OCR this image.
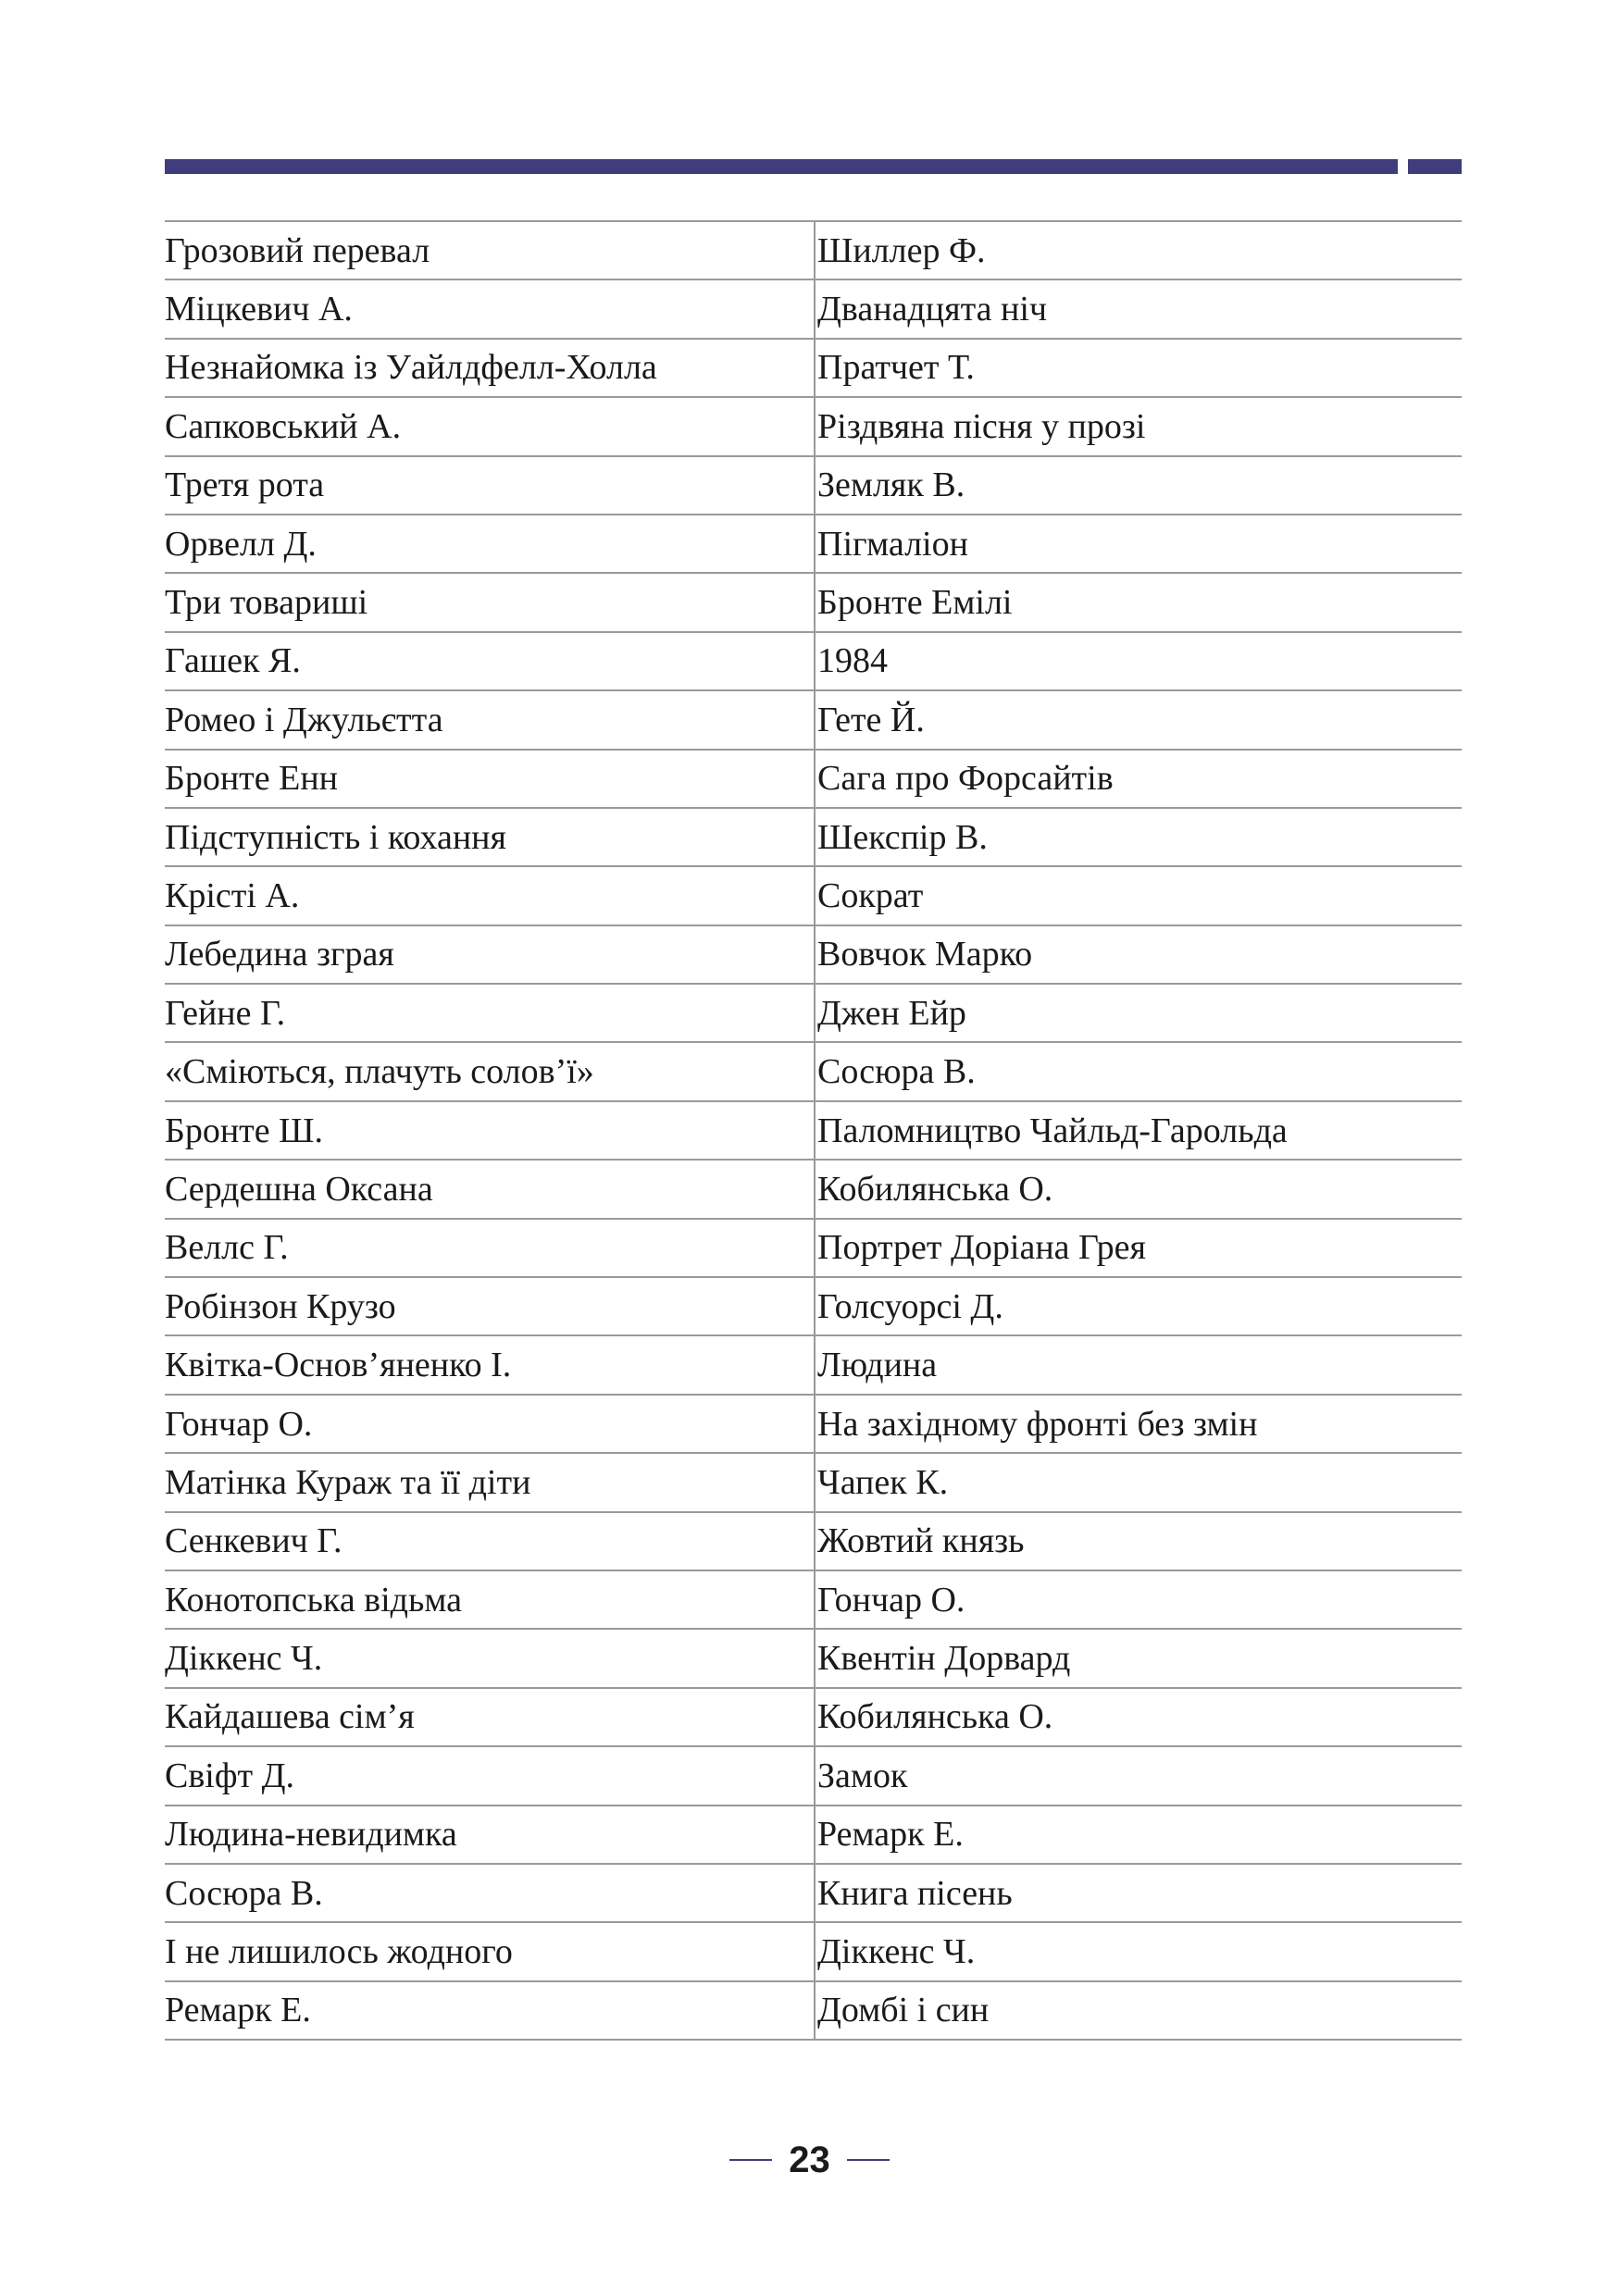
Грозовий перевал	Шиллер Ф.
Міцкевич А.	Дванадцята ніч
Незнайомка із Уайлдфелл-Холла	Пратчет Т.
Сапковський А.	Різдвяна пісня у прозі
Третя рота	Земляк В.
Орвелл Д.	Пігмаліон
Три товариші	Бронте Емілі
Гашек Я.	1984
Ромео і Джульєтта	Гете Й.
Бронте Енн	Сага про Форсайтів
Підступність і кохання	Шекспір В.
Крісті А.	Сократ
Лебедина зграя	Вовчок Марко
Гейне Г.	Джен Ейр
«Сміються, плачуть солов’ї»	Сосюра В.
Бронте Ш.	Паломництво Чайльд-Гарольда
Сердешна Оксана	Кобилянська О.
Веллс Г.	Портрет Доріана Грея
Робінзон Крузо	Голсуорсі Д.
Квітка-Основ’яненко І.	Людина
Гончар О.	На західному фронті без змін
Матінка Кураж та її діти	Чапек К.
Сенкевич Г.	Жовтий князь
Конотопська відьма	Гончар О.
Діккенс Ч.	Квентін Дорвард
Кайдашева сім’я	Кобилянська О.
Свіфт Д.	Замок
Людина-невидимка	Ремарк Е.
Сосюра В.	Книга пісень
І не лишилось жодного	Діккенс Ч.
Ремарк Е.	Домбі і син
23
